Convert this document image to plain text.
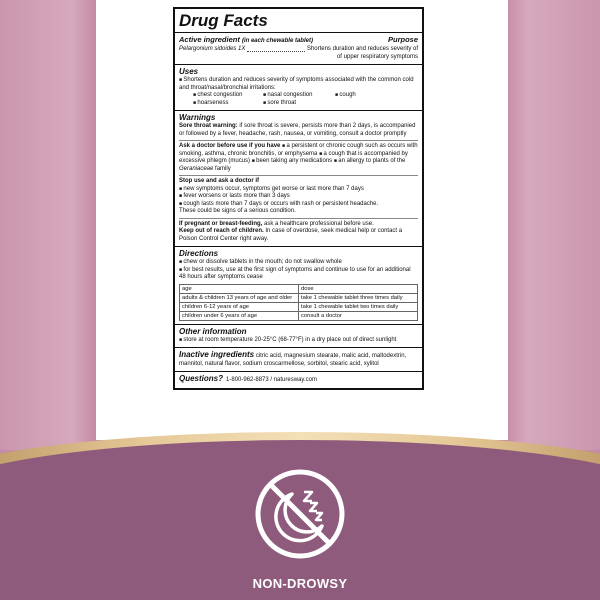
Drug Facts
Active ingredient (in each chewable tablet)	Purpose
Pelargonium sidoides 1X	Shortens duration and reduces severity of
of upper respiratory symptoms
Uses
■ Shortens duration and reduces severity of symptoms associated with the common cold and throat/nasal/bronchial irritations:
■ chest congestion	■ nasal congestion	■ cough
■ hoarseness	■ sore throat
Warnings
Sore throat warning: if sore throat is severe, persists more than 2 days, is accompanied or followed by a fever, headache, rash, nausea, or vomiting, consult a doctor promptly
Ask a doctor before use if you have ■ a persistent or chronic cough such as occurs with smoking, asthma, chronic bronchitis, or emphysema ■ a cough that is accompanied by excessive phlegm (mucus) ■ been taking any medications ■ an allergy to plants of the Geraniaceae family
Stop use and ask a doctor if
■ new symptoms occur, symptoms get worse or last more than 7 days
■ fever worsens or lasts more than 3 days
■ cough lasts more than 7 days or occurs with rash or persistent headache.
These could be signs of a serious condition.
If pregnant or breast-feeding, ask a healthcare professional before use.
Keep out of reach of children. In case of overdose, seek medical help or contact a Poison Control Center right away.
Directions
■ chew or dissolve tablets in the mouth; do not swallow whole
■ for best results, use at the first sign of symptoms and continue to use for an additional 48 hours after symptoms cease
age	dose
adults & children 13 years of age and older	take 1 chewable tablet three times daily
children 6-12 years of age	take 1 chewable tablet two times daily
children under 6 years of age	consult a doctor
Other information
■ store at room temperature 20-25°C (68-77°F) in a dry place out of direct sunlight
Inactive ingredients citric acid, magnesium stearate, malic acid, maltodextrin, mannitol, natural flavor, sodium croscarmellose, sorbitol, stearic acid, xylitol
Questions? 1-800-962-8873 / naturesway.com
NON-DROWSY
